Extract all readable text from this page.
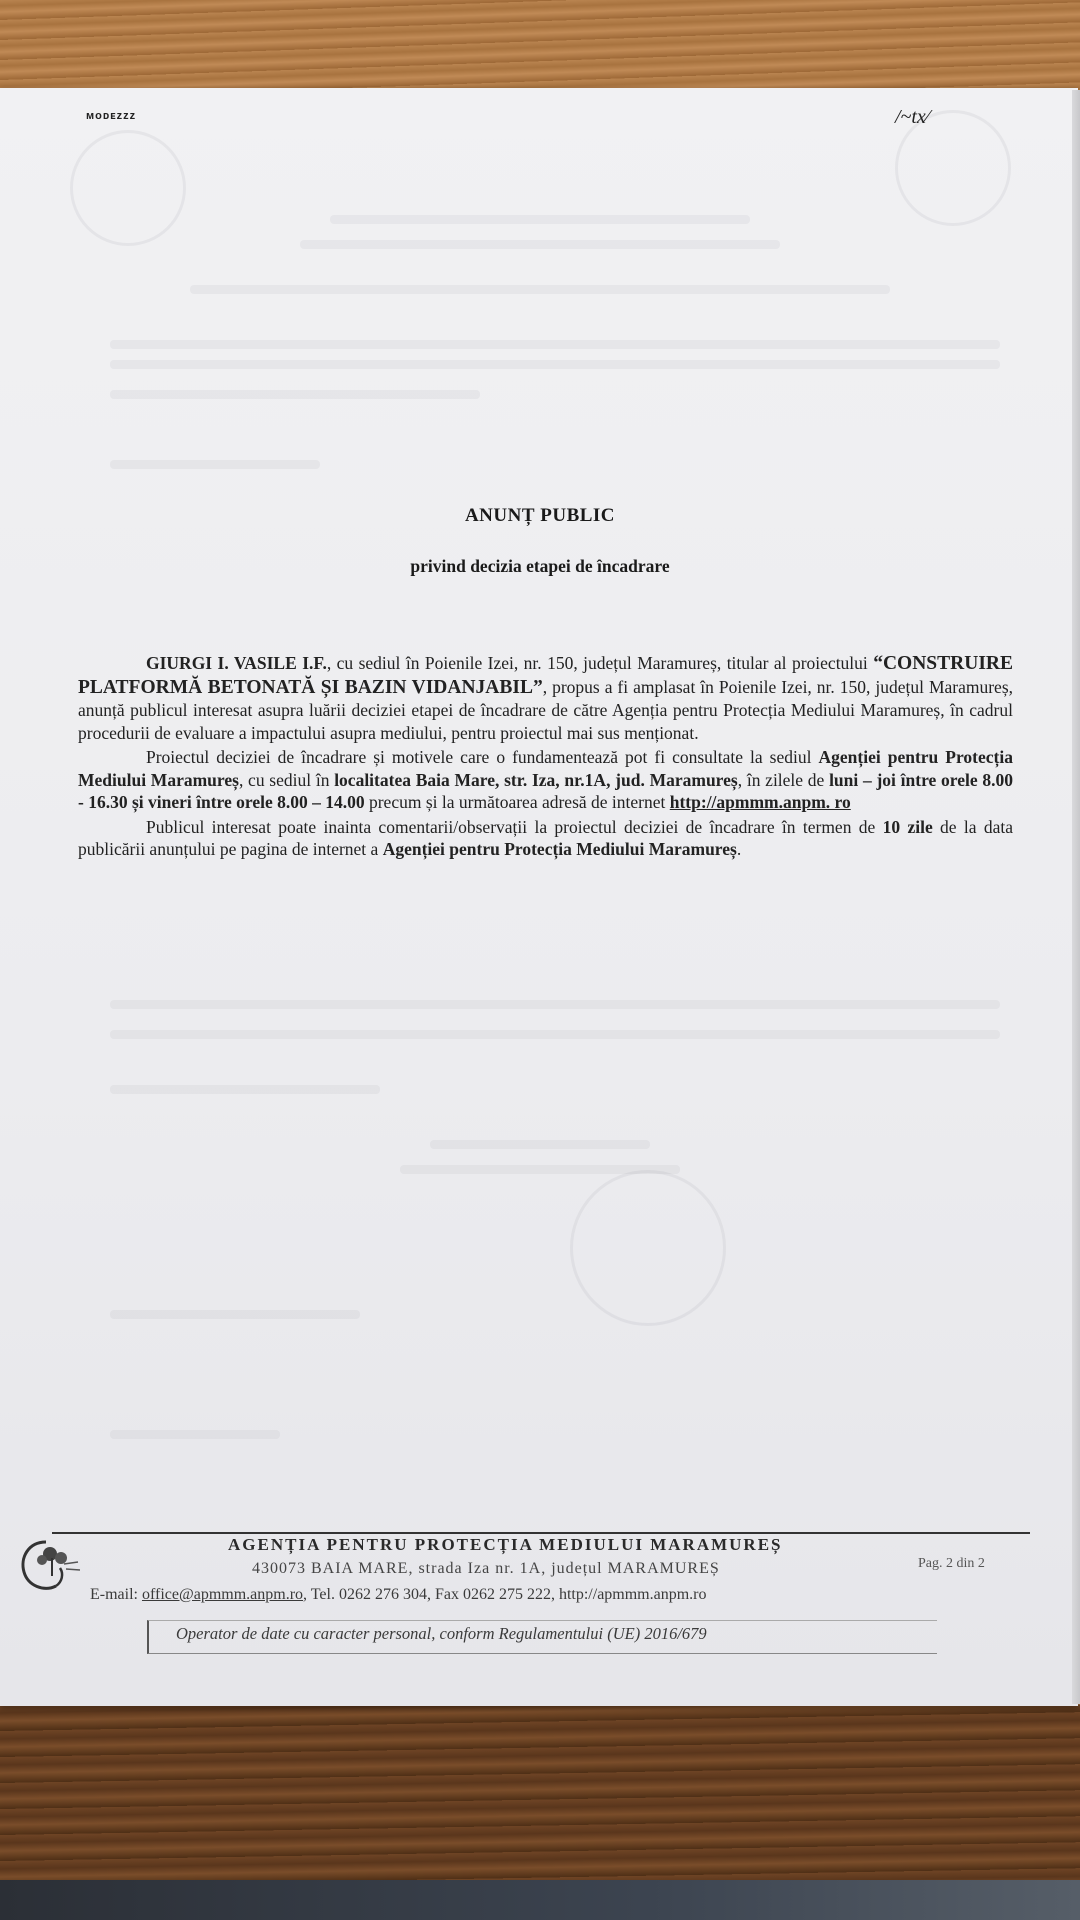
ᴍᴏᴅᴇᴢᴢᴢ	/~tx⁄
ANUNȚ PUBLIC
privind decizia etapei de încadrare

GIURGI I. VASILE I.F., cu sediul în Poienile Izei, nr. 150, județul Maramureș, titular al proiectului “CONSTRUIRE PLATFORMĂ BETONATĂ ȘI BAZIN VIDANJABIL”, propus a fi amplasat în Poienile Izei, nr. 150, județul Maramureș, anunță publicul interesat asupra luării deciziei etapei de încadrare de către Agenția pentru Protecția Mediului Maramureș, în cadrul procedurii de evaluare a impactului asupra mediului, pentru proiectul mai sus menționat.

Proiectul deciziei de încadrare și motivele care o fundamentează pot fi consultate la sediul Agenției pentru Protecția Mediului Maramureș, cu sediul în localitatea Baia Mare, str. Iza, nr.1A, jud. Maramureș, în zilele de luni – joi între orele 8.00 - 16.30 și vineri între orele 8.00 – 14.00 precum și la următoarea adresă de internet http://apmmm.anpm. ro

Publicul interesat poate inainta comentarii/observații la proiectul deciziei de încadrare în termen de 10 zile de la data publicării anunțului pe pagina de internet a Agenției pentru Protecția Mediului Maramureș.

AGENȚIA PENTRU PROTECȚIA MEDIULUI MARAMUREȘ
430073 BAIA MARE, strada Iza nr. 1A, județul MARAMUREȘ	Pag. 2 din 2
E-mail: office@apmmm.anpm.ro, Tel. 0262 276 304, Fax 0262 275 222, http://apmmm.anpm.ro
Operator de date cu caracter personal, conform Regulamentului (UE) 2016/679
